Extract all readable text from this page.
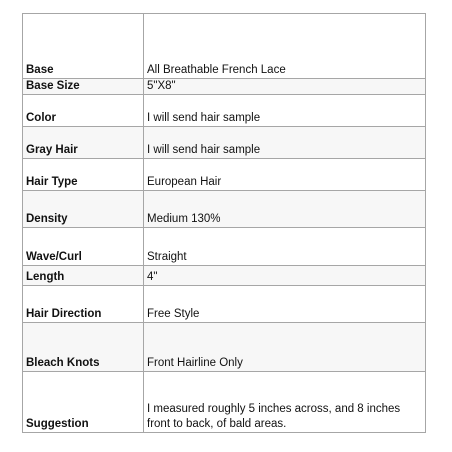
Base	All Breathable French Lace
Base Size	5"X8"
Color	I will send hair sample
Gray Hair	I will send hair sample
Hair Type	European Hair
Density	Medium 130%
Wave/Curl	Straight
Length	4"
Hair Direction	Free Style
Bleach Knots	Front Hairline Only
Suggestion	I measured roughly 5 inches across, and 8 inches front to back, of bald areas.
